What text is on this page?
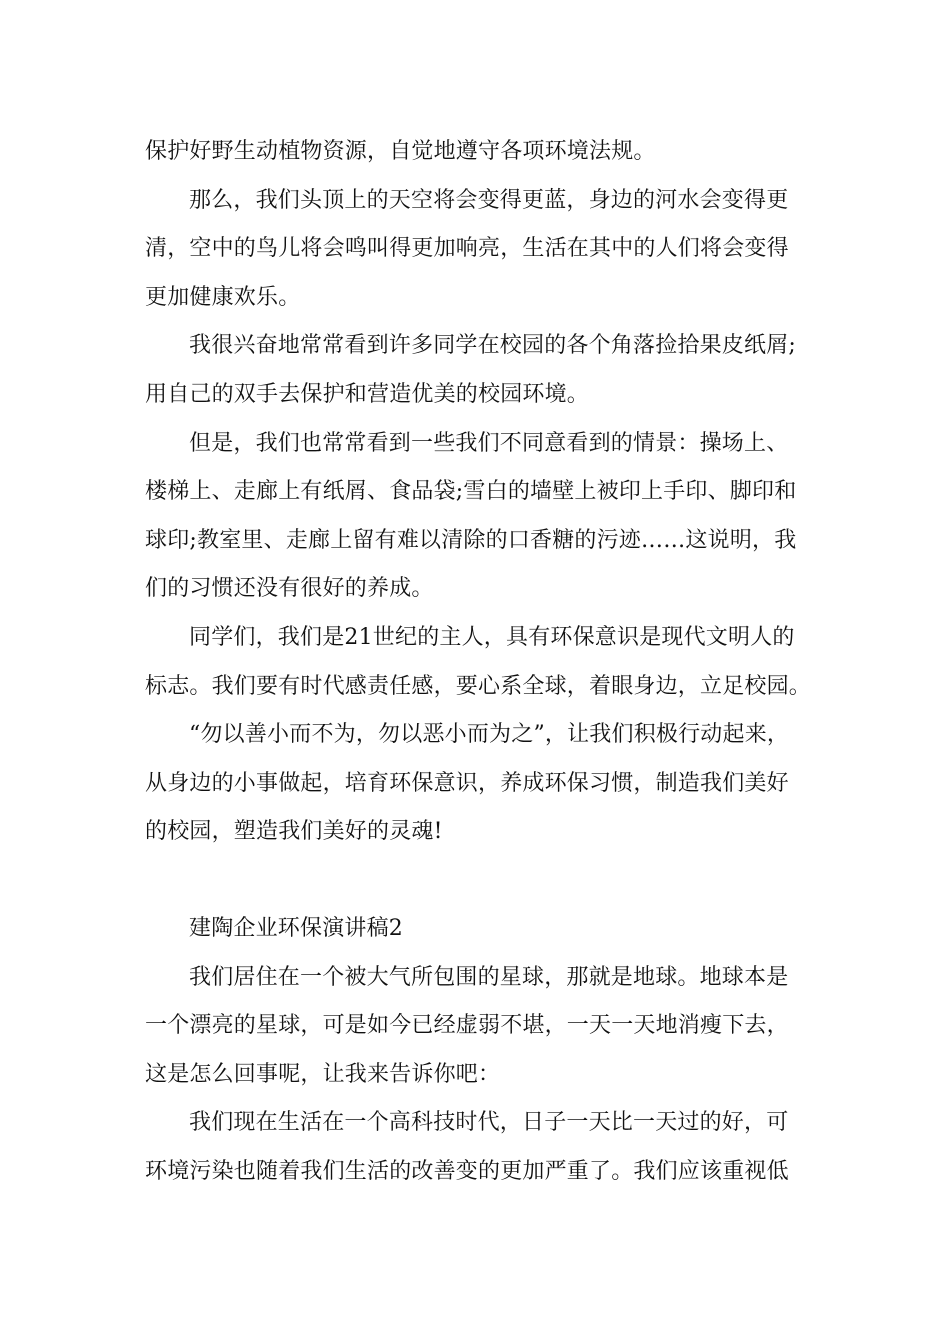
保护好野生动植物资源，自觉地遵守各项环境法规。
那么，我们头顶上的天空将会变得更蓝，身边的河水会变得更
清，空中的鸟儿将会鸣叫得更加响亮，生活在其中的人们将会变得
更加健康欢乐。
我很兴奋地常常看到许多同学在校园的各个角落捡拾果皮纸屑;
用自己的双手去保护和营造优美的校园环境。
但是，我们也常常看到一些我们不同意看到的情景：操场上、
楼梯上、走廊上有纸屑、食品袋;雪白的墙壁上被印上手印、脚印和
球印;教室里、走廊上留有难以清除的口香糖的污迹……这说明，我
们的习惯还没有很好的养成。
同学们，我们是21世纪的主人，具有环保意识是现代文明人的
标志。我们要有时代感责任感，要心系全球，着眼身边，立足校园。
“勿以善小而不为，勿以恶小而为之”，让我们积极行动起来，
从身边的小事做起，培育环保意识，养成环保习惯，制造我们美好
的校园，塑造我们美好的灵魂!
建陶企业环保演讲稿2
我们居住在一个被大气所包围的星球，那就是地球。地球本是
一个漂亮的星球，可是如今已经虚弱不堪，一天一天地消瘦下去，
这是怎么回事呢，让我来告诉你吧：
我们现在生活在一个高科技时代，日子一天比一天过的好，可
环境污染也随着我们生活的改善变的更加严重了。我们应该重视低
